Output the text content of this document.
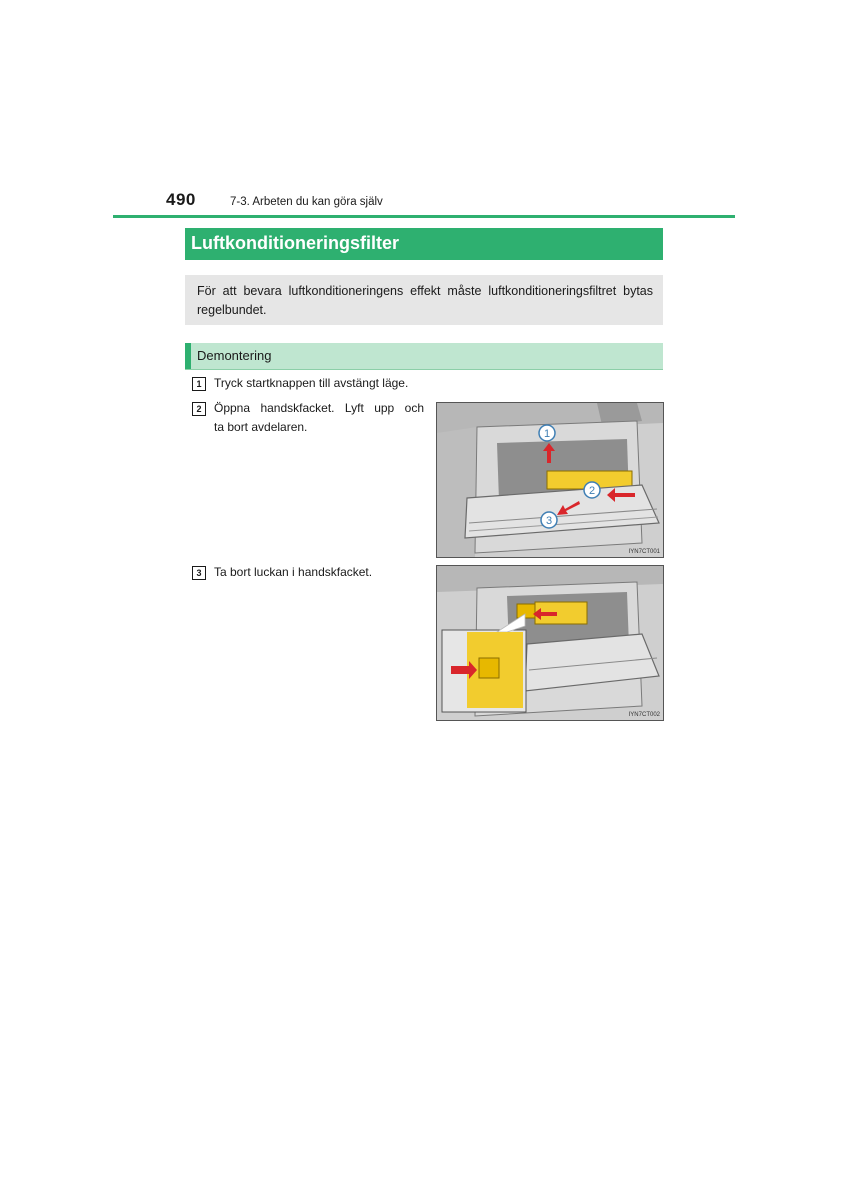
490	7-3. Arbeten du kan göra själv
Luftkonditioneringsfilter
För att bevara luftkonditioneringens effekt måste luftkonditioneringsfiltret bytas regelbundet.
Demontering
1	Tryck startknappen till avstängt läge.
2	Öppna handskfacket. Lyft upp och
ta bort avdelaren.	1
2
3
IYN7CT001
3	Ta bort luckan i handskfacket.
IYN7CT002
